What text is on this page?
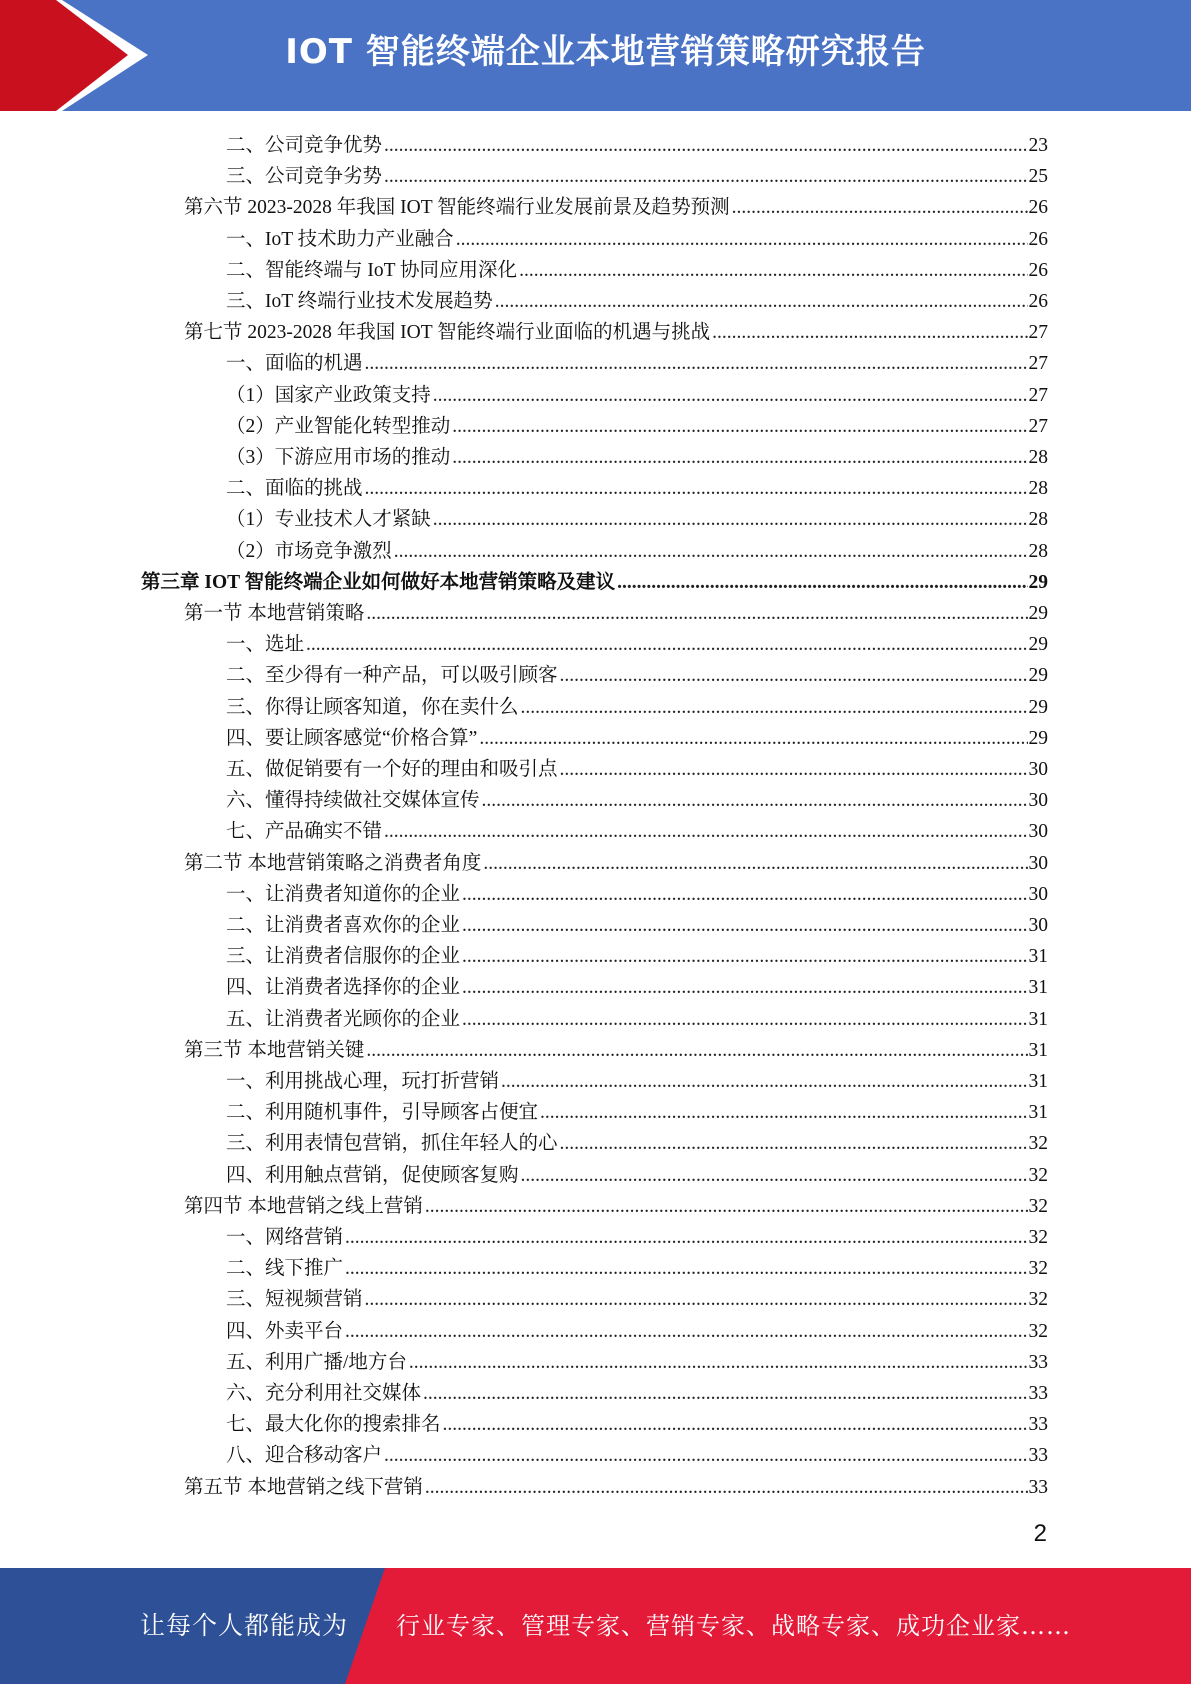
IOT 智能终端企业本地营销策略研究报告
二、公司竞争优势 .....	23
三、公司竞争劣势 .....	25
第六节 2023-2028 年我国 IOT 智能终端行业发展前景及趋势预测 .....	26
一、IoT 技术助力产业融合 .....	26
二、智能终端与 IoT 协同应用深化 .....	26
三、IoT 终端行业技术发展趋势 .....	26
第七节 2023-2028 年我国 IOT 智能终端行业面临的机遇与挑战 .....	27
一、面临的机遇 .....	27
（1）国家产业政策支持 .....	27
（2）产业智能化转型推动 .....	27
（3）下游应用市场的推动 .....	28
二、面临的挑战 .....	28
（1）专业技术人才紧缺 .....	28
（2）市场竞争激烈 .....	28
第三章 IOT 智能终端企业如何做好本地营销策略及建议 .....	29
第一节 本地营销策略 .....	29
一、选址 .....	29
二、至少得有一种产品，可以吸引顾客 .....	29
三、你得让顾客知道，你在卖什么 .....	29
四、要让顾客感觉“价格合算” .....	29
五、做促销要有一个好的理由和吸引点 .....	30
六、懂得持续做社交媒体宣传 .....	30
七、产品确实不错 .....	30
第二节 本地营销策略之消费者角度 .....	30
一、让消费者知道你的企业 .....	30
二、让消费者喜欢你的企业 .....	30
三、让消费者信服你的企业 .....	31
四、让消费者选择你的企业 .....	31
五、让消费者光顾你的企业 .....	31
第三节 本地营销关键 .....	31
一、利用挑战心理，玩打折营销 .....	31
二、利用随机事件，引导顾客占便宜 .....	31
三、利用表情包营销，抓住年轻人的心 .....	32
四、利用触点营销，促使顾客复购 .....	32
第四节 本地营销之线上营销 .....	32
一、网络营销 .....	32
二、线下推广 .....	32
三、短视频营销 .....	32
四、外卖平台 .....	32
五、利用广播/地方台 .....	33
六、充分利用社交媒体 .....	33
七、最大化你的搜索排名 .....	33
八、迎合移动客户 .....	33
第五节 本地营销之线下营销 .....	33
2
让每个人都能成为 行业专家、管理专家、营销专家、战略专家、成功企业家……
